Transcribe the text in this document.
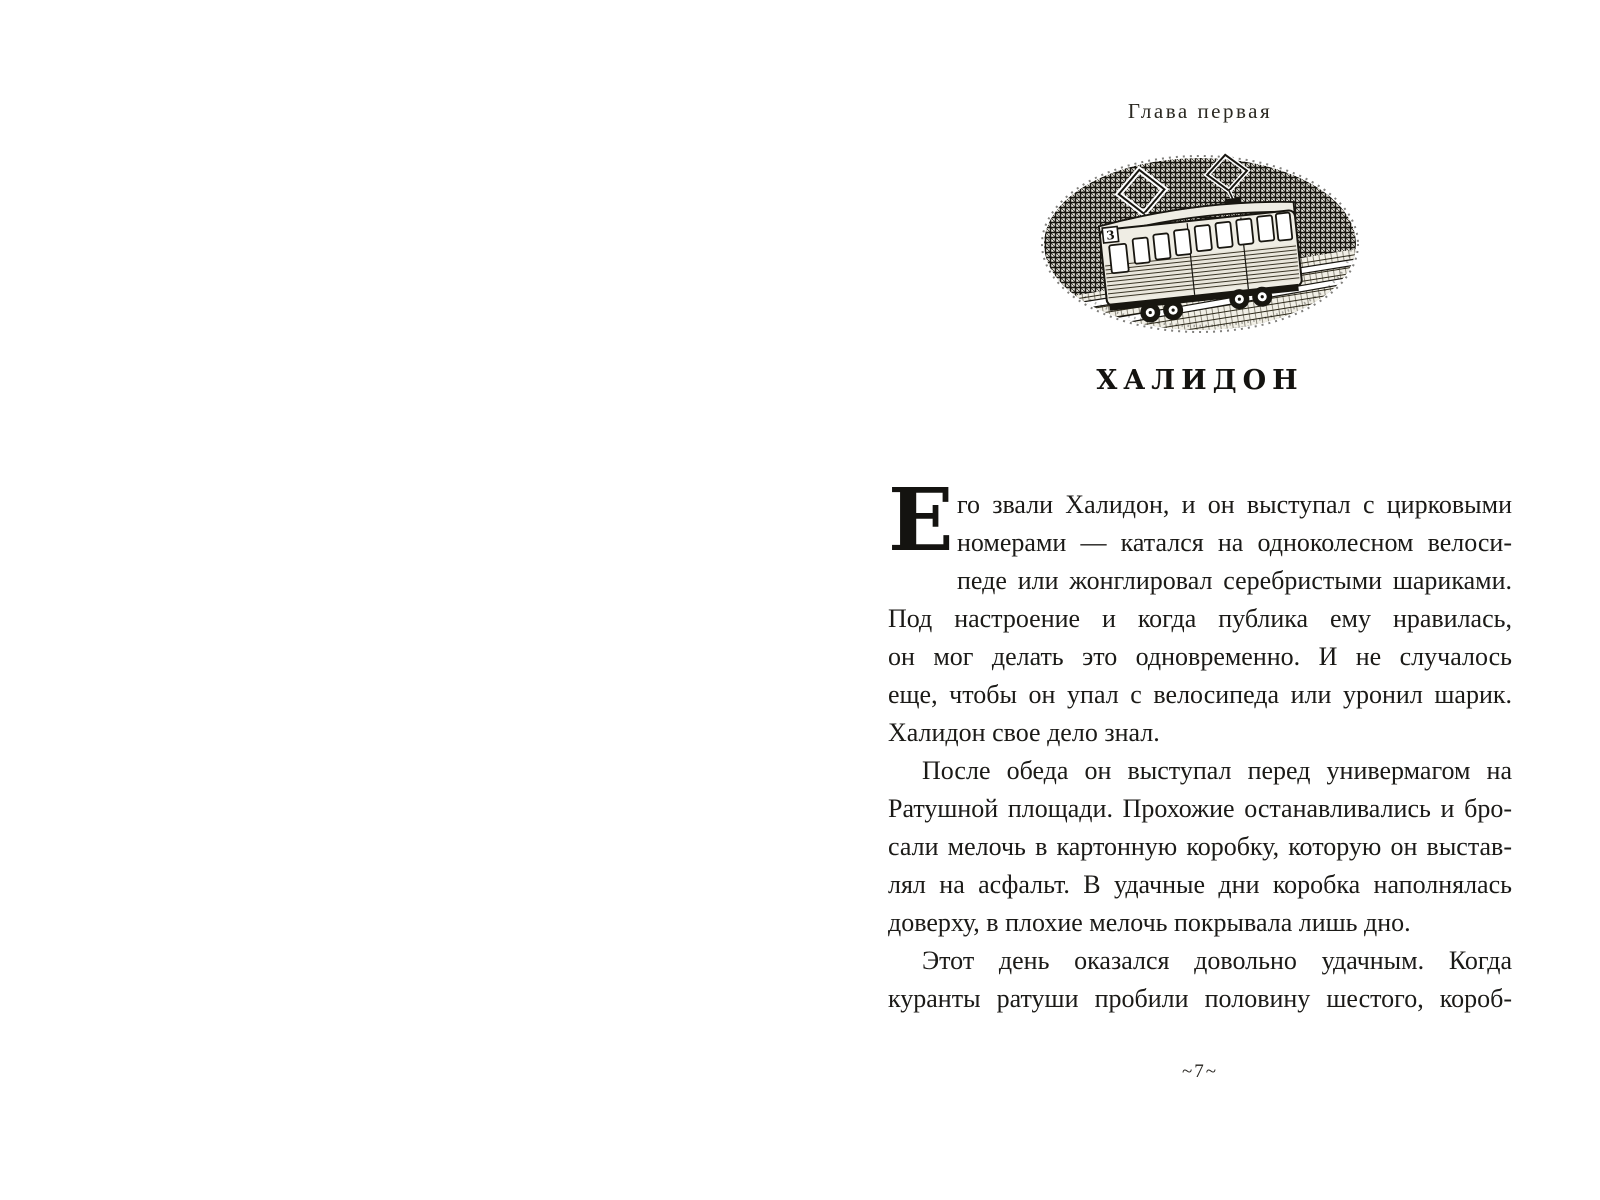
Глава первая
3
ХАЛИДОН
Е го звали Халидон, и он выступал с цирковыми
номерами — катался на одноколесном велоси-
педе или жонглировал серебристыми шариками.
Под настроение и когда публика ему нравилась,
он мог делать это одновременно. И не случалось
еще, чтобы он упал с велосипеда или уронил шарик.
Халидон свое дело знал.
После обеда он выступал перед универмагом на
Ратушной площади. Прохожие останавливались и бро-
сали мелочь в картонную коробку, которую он выстав-
лял на асфальт. В удачные дни коробка наполнялась
доверху, в плохие мелочь покрывала лишь дно.
Этот день оказался довольно удачным. Когда
куранты ратуши пробили половину шестого, короб-
~7~
